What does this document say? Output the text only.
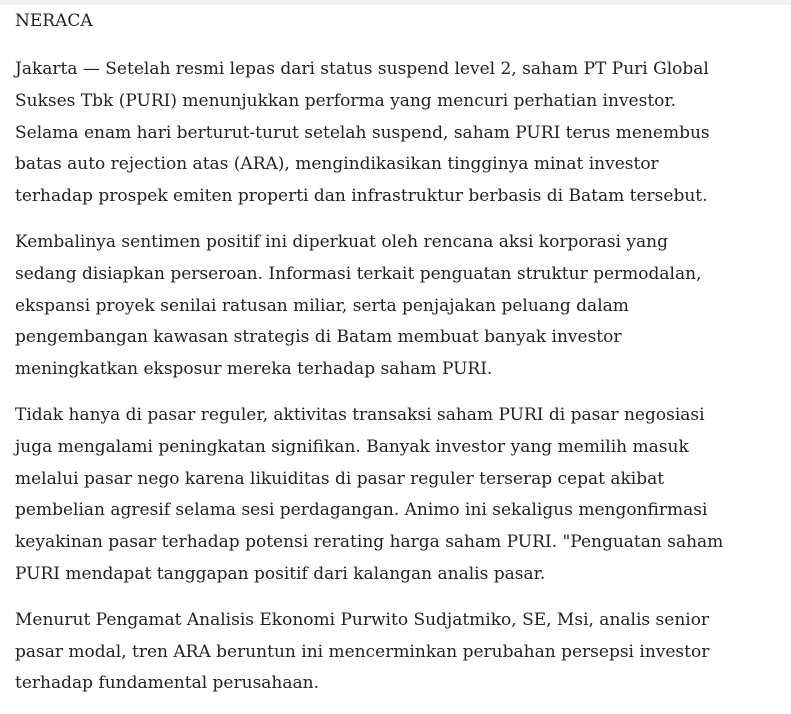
NERACA

Jakarta — Setelah resmi lepas dari status suspend level 2, saham PT Puri Global
Sukses Tbk (PURI) menunjukkan performa yang mencuri perhatian investor.
Selama enam hari berturut-turut setelah suspend, saham PURI terus menembus
batas auto rejection atas (ARA), mengindikasikan tingginya minat investor
terhadap prospek emiten properti dan infrastruktur berbasis di Batam tersebut.

Kembalinya sentimen positif ini diperkuat oleh rencana aksi korporasi yang
sedang disiapkan perseroan. Informasi terkait penguatan struktur permodalan,
ekspansi proyek senilai ratusan miliar, serta penjajakan peluang dalam
pengembangan kawasan strategis di Batam membuat banyak investor
meningkatkan eksposur mereka terhadap saham PURI.

Tidak hanya di pasar reguler, aktivitas transaksi saham PURI di pasar negosiasi
juga mengalami peningkatan signifikan. Banyak investor yang memilih masuk
melalui pasar nego karena likuiditas di pasar reguler terserap cepat akibat
pembelian agresif selama sesi perdagangan. Animo ini sekaligus mengonfirmasi
keyakinan pasar terhadap potensi rerating harga saham PURI. "Penguatan saham
PURI mendapat tanggapan positif dari kalangan analis pasar.

Menurut Pengamat Analisis Ekonomi Purwito Sudjatmiko, SE, Msi, analis senior
pasar modal, tren ARA beruntun ini mencerminkan perubahan persepsi investor
terhadap fundamental perusahaan.
